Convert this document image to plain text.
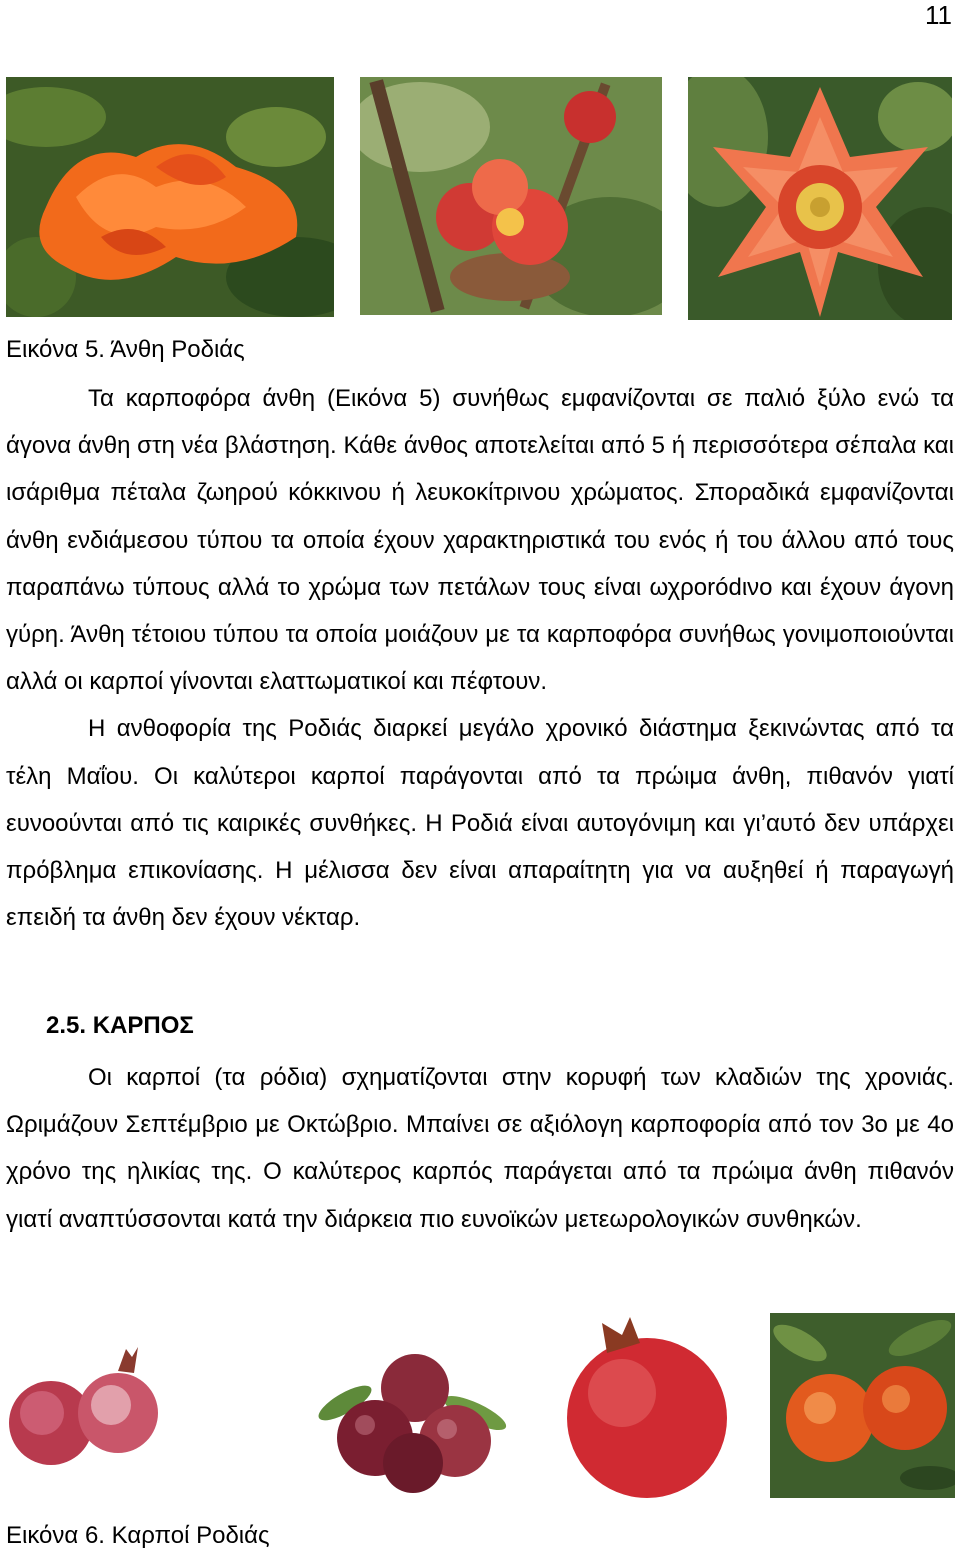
11
Εικόνα 5. Άνθη Ροδιάς

Τα καρποφόρα άνθη (Εικόνα 5) συνήθως εμφανίζονται σε παλιό ξύλο ενώ τα άγονα άνθη στη νέα βλάστηση. Κάθε άνθος αποτελείται από 5 ή περισσότερα σέπαλα και ισάριθμα πέταλα ζωηρού κόκκινου ή λευκοκίτρινου χρώματος. Σποραδικά εμφανίζονται άνθη ενδιάμεσου τύπου τα οποία έχουν χαρακτηριστικά του ενός ή του άλλου από τους παραπάνω τύπους αλλά το χρώμα των πετάλων τους είναι ωχροródινο και έχουν άγονη γύρη. Άνθη τέτοιου τύπου τα οποία μοιάζουν με τα καρποφόρα συνήθως γονιμοποιούνται αλλά οι καρποί γίνονται ελαττωματικοί και πέφτουν.

Η ανθοφορία της Ροδιάς διαρκεί μεγάλο χρονικό διάστημα ξεκινώντας από τα τέλη Μαΐου. Οι καλύτεροι καρποί παράγονται από τα πρώιμα άνθη, πιθανόν γιατί ευνοούνται από τις καιρικές συνθήκες. Η Ροδιά είναι αυτογόνιμη και γι’αυτό δεν υπάρχει πρόβλημα επικονίασης. Η μέλισσα δεν είναι απαραίτητη για να αυξηθεί ή παραγωγή επειδή τα άνθη δεν έχουν νέκταρ.

2.5. ΚΑΡΠΟΣ

Οι καρποί (τα ρόδια) σχηματίζονται στην κορυφή των κλαδιών της χρονιάς. Ωριμάζουν Σεπτέμβριο με Οκτώβριο. Μπαίνει σε αξιόλογη καρποφορία από τον 3ο με 4ο χρόνο της ηλικίας της. Ο καλύτερος καρπός παράγεται από τα πρώιμα άνθη πιθανόν γιατί αναπτύσσονται κατά την διάρκεια πιο ευνοϊκών μετεωρολογικών συνθηκών.

Εικόνα 6. Καρποί Ροδιάς
